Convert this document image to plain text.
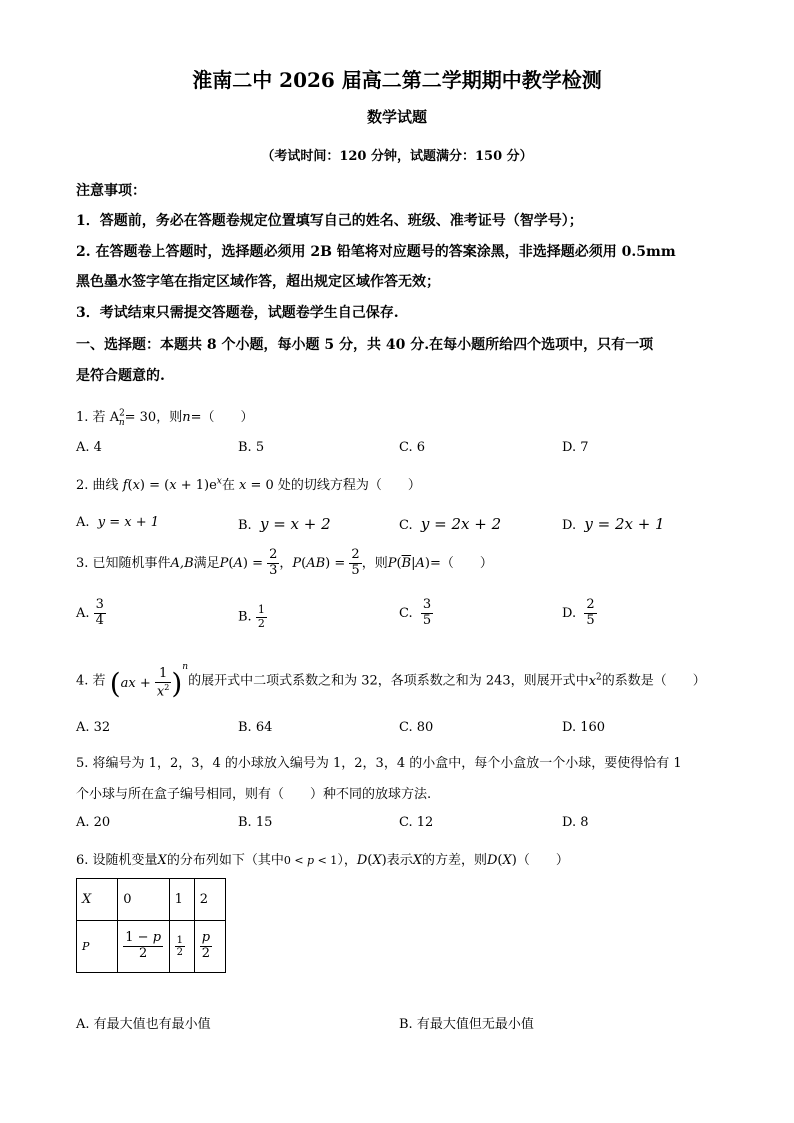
淮南二中 2026 届高二第二学期期中教学检测
数学试题
（考试时间：120 分钟，试题满分：150 分）
注意事项：
1．答题前，务必在答题卷规定位置填写自己的姓名、班级、准考证号（智学号）；
2. 在答题卷上答题时，选择题必须用 2B 铅笔将对应题号的答案涂黑，非选择题必须用 0.5mm
黑色墨水签字笔在指定区域作答，超出规定区域作答无效；
3．考试结束只需提交答题卷，试题卷学生自己保存.
一、选择题：本题共 8 个小题，每小题 5 分，共 40 分.在每小题所给四个选项中，只有一项
是符合题意的.
1. 若 $A^2_n= 30$，则n=（　　）
A. 4	B. 5	C. 6	D. 7
2. 曲线 $f(x) = (x + 1)e^x$在 x = 0 处的切线方程为（　　）
A. y = x + 1	B. y = x + 2	C. y = 2x + 2	D. y = 2x + 1
3. 已知随机事件A,B满足$P(A) = \frac{2}{3}$ ，$P(AB) = \frac{2}{5}$ ，则$P(\overline{B}|A)=$（　　）
A. $\frac{3}{4}$	B. $\frac{1}{2}$	C. $\frac{3}{5}$	D. $\frac{2}{5}$
4. 若 $(ax + \frac{1}{x^2} )^n$的展开式中二项式系数之和为 32，各项系数之和为 243，则展开式中$x^2$的系数是（　　）
A. 32	B. 64	C. 80	D. 160
5. 将编号为 1，2，3，4 的小球放入编号为 1，2，3，4 的小盒中，每个小盒放一个小球，要使得恰有 1
个小球与所在盒子编号相同，则有（　　）种不同的放球方法.
A. 20	B. 15	C. 12	D. 8
6. 设随机变量X的分布列如下（其中0 < p < 1），D(X)表示X的方差，则D(X)（　　）
X	0	1	2
P	$\frac{1 - p}{2}$	$\frac{1}{2}$	$\frac{p}{2}$
A. 有最大值也有最小值	B. 有最大值但无最小值
